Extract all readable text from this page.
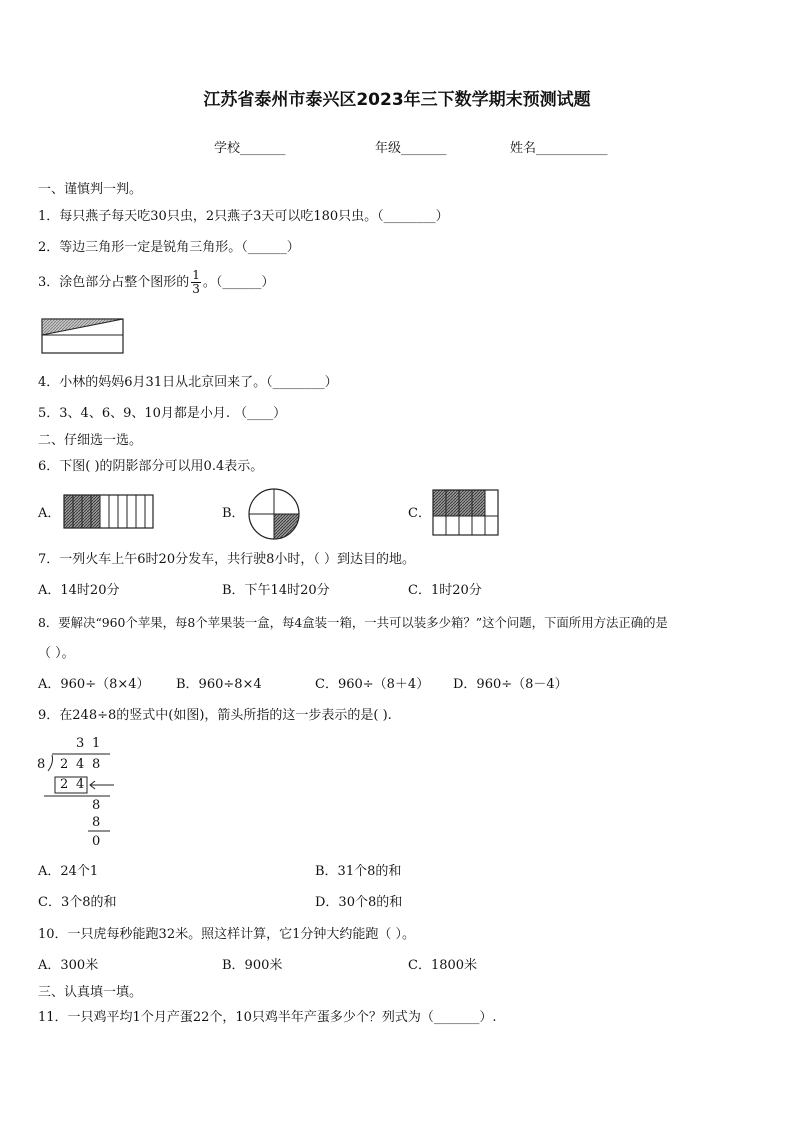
江苏省泰州市泰兴区2023年三下数学期末预测试题
学校_______	年级_______	姓名___________
一、谨慎判一判。
1．每只燕子每天吃30只虫，2只燕子3天可以吃180只虫。（________）
2．等边三角形一定是锐角三角形。（______）
3．涂色部分占整个图形的 $\frac{1}{3}$ 。（______）
4．小林的妈妈6月31日从北京回来了。（________）
5．3、4、6、9、10月都是小月. （____）
二、仔细选一选。
6．下图( )的阴影部分可以用0.4表示。
A．	B．	C．
7．一列火车上午6时20分发车，共行驶8小时，（ ）到达目的地。
A．14时20分	B．下午14时20分	C．1时20分
8．要解决“960个苹果，每8个苹果装一盒，每4盒装一箱，一共可以装多少箱？”这个问题，下面所用方法正确的是
（ ）。
A．960÷（8×4） B．960÷8×4	C．960÷（8＋4） D．960÷（8－4）
9．在248÷8的竖式中(如图)，箭头所指的这一步表示的是( ).
3 1
8 2 4 8
2 4
8
8
0
A．24个1	B．31个8的和
C．3个8的和	D．30个8的和
10．一只虎每秒能跑32米。照这样计算，它1分钟大约能跑（ ）。
A．300米	B．900米	C．1800米
三、认真填一填。
11．一只鸡平均1个月产蛋22个，10只鸡半年产蛋多少个？列式为（_______）.
